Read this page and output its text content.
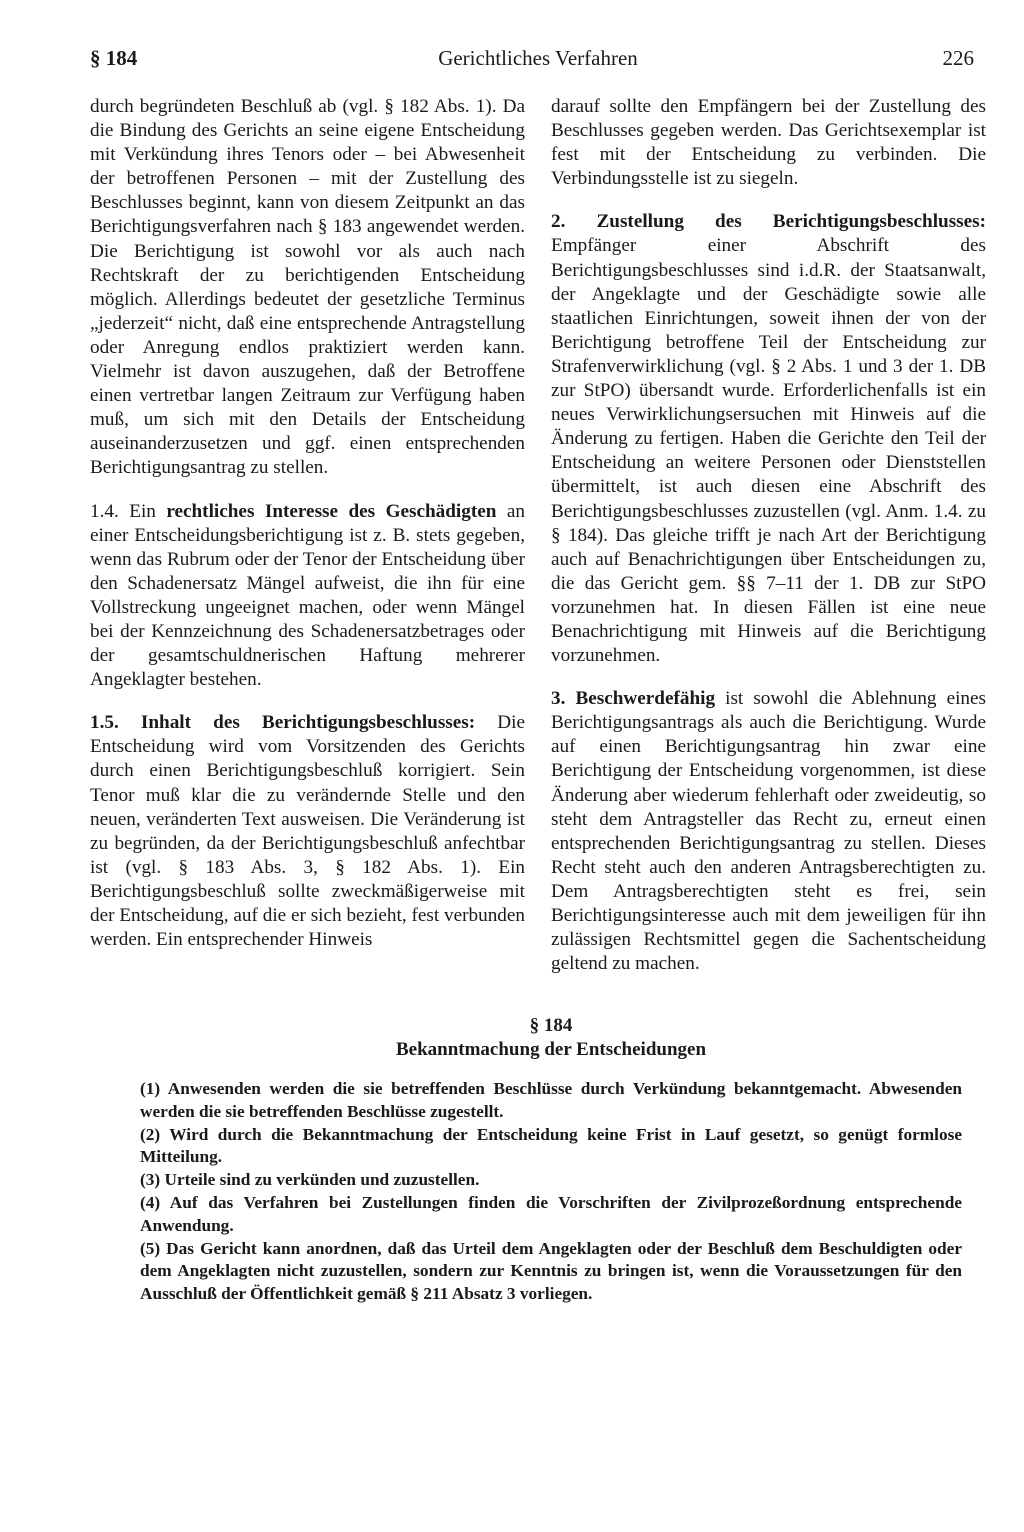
§ 184	Gerichtliches Verfahren	226

durch begründeten Beschluß ab (vgl. § 182 Abs. 1). Da die Bindung des Gerichts an seine eigene Entscheidung mit Verkündung ihres Tenors oder – bei Abwesenheit der betroffenen Personen – mit der Zustellung des Beschlusses beginnt, kann von diesem Zeitpunkt an das Berichtigungsverfahren nach § 183 angewendet werden. Die Berichtigung ist sowohl vor als auch nach Rechtskraft der zu berichtigenden Entscheidung möglich. Allerdings bedeutet der gesetzliche Terminus „jederzeit“ nicht, daß eine entsprechende Antragstellung oder Anregung endlos praktiziert werden kann. Vielmehr ist davon auszugehen, daß der Betroffene einen vertretbar langen Zeitraum zur Verfügung haben muß, um sich mit den Details der Entscheidung auseinanderzusetzen und ggf. einen entsprechenden Berichtigungsantrag zu stellen.

1.4. Ein rechtliches Interesse des Geschädigten an einer Entscheidungsberichtigung ist z. B. stets gegeben, wenn das Rubrum oder der Tenor der Entscheidung über den Schadenersatz Mängel aufweist, die ihn für eine Vollstreckung ungeeignet machen, oder wenn Mängel bei der Kennzeichnung des Schadenersatzbetrages oder der gesamtschuldnerischen Haftung mehrerer Angeklagter bestehen.

1.5. Inhalt des Berichtigungsbeschlusses: Die Entscheidung wird vom Vorsitzenden des Gerichts durch einen Berichtigungsbeschluß korrigiert. Sein Tenor muß klar die zu verändernde Stelle und den neuen, veränderten Text ausweisen. Die Veränderung ist zu begründen, da der Berichtigungsbeschluß anfechtbar ist (vgl. § 183 Abs. 3, § 182 Abs. 1). Ein Berichtigungsbeschluß sollte zweckmäßigerweise mit der Entscheidung, auf die er sich bezieht, fest verbunden werden. Ein entsprechender Hinweis

darauf sollte den Empfängern bei der Zustellung des Beschlusses gegeben werden. Das Gerichtsexemplar ist fest mit der Entscheidung zu verbinden. Die Verbindungsstelle ist zu siegeln.

2. Zustellung des Berichtigungsbeschlusses: Empfänger einer Abschrift des Berichtigungsbeschlusses sind i.d.R. der Staatsanwalt, der Angeklagte und der Geschädigte sowie alle staatlichen Einrichtungen, soweit ihnen der von der Berichtigung betroffene Teil der Entscheidung zur Strafenverwirklichung (vgl. § 2 Abs. 1 und 3 der 1. DB zur StPO) übersandt wurde. Erforderlichenfalls ist ein neues Verwirklichungsersuchen mit Hinweis auf die Änderung zu fertigen. Haben die Gerichte den Teil der Entscheidung an weitere Personen oder Dienststellen übermittelt, ist auch diesen eine Abschrift des Berichtigungsbeschlusses zuzustellen (vgl. Anm. 1.4. zu § 184). Das gleiche trifft je nach Art der Berichtigung auch auf Benachrichtigungen über Entscheidungen zu, die das Gericht gem. §§ 7–11 der 1. DB zur StPO vorzunehmen hat. In diesen Fällen ist eine neue Benachrichtigung mit Hinweis auf die Berichtigung vorzunehmen.

3. Beschwerdefähig ist sowohl die Ablehnung eines Berichtigungsantrags als auch die Berichtigung. Wurde auf einen Berichtigungsantrag hin zwar eine Berichtigung der Entscheidung vorgenommen, ist diese Änderung aber wiederum fehlerhaft oder zweideutig, so steht dem Antragsteller das Recht zu, erneut einen entsprechenden Berichtigungsantrag zu stellen. Dieses Recht steht auch den anderen Antragsberechtigten zu. Dem Antragsberechtigten steht es frei, sein Berichtigungsinteresse auch mit dem jeweiligen für ihn zulässigen Rechtsmittel gegen die Sachentscheidung geltend zu machen.

§ 184
Bekanntmachung der Entscheidungen

(1) Anwesenden werden die sie betreffenden Beschlüsse durch Verkündung bekanntgemacht. Abwesenden werden die sie betreffenden Beschlüsse zugestellt.

(2) Wird durch die Bekanntmachung der Entscheidung keine Frist in Lauf gesetzt, so genügt formlose Mitteilung.

(3) Urteile sind zu verkünden und zuzustellen.

(4) Auf das Verfahren bei Zustellungen finden die Vorschriften der Zivilprozeßordnung entsprechende Anwendung.

(5) Das Gericht kann anordnen, daß das Urteil dem Angeklagten oder der Beschluß dem Beschuldigten oder dem Angeklagten nicht zuzustellen, sondern zur Kenntnis zu bringen ist, wenn die Voraussetzungen für den Ausschluß der Öffentlichkeit gemäß § 211 Absatz 3 vorliegen.
